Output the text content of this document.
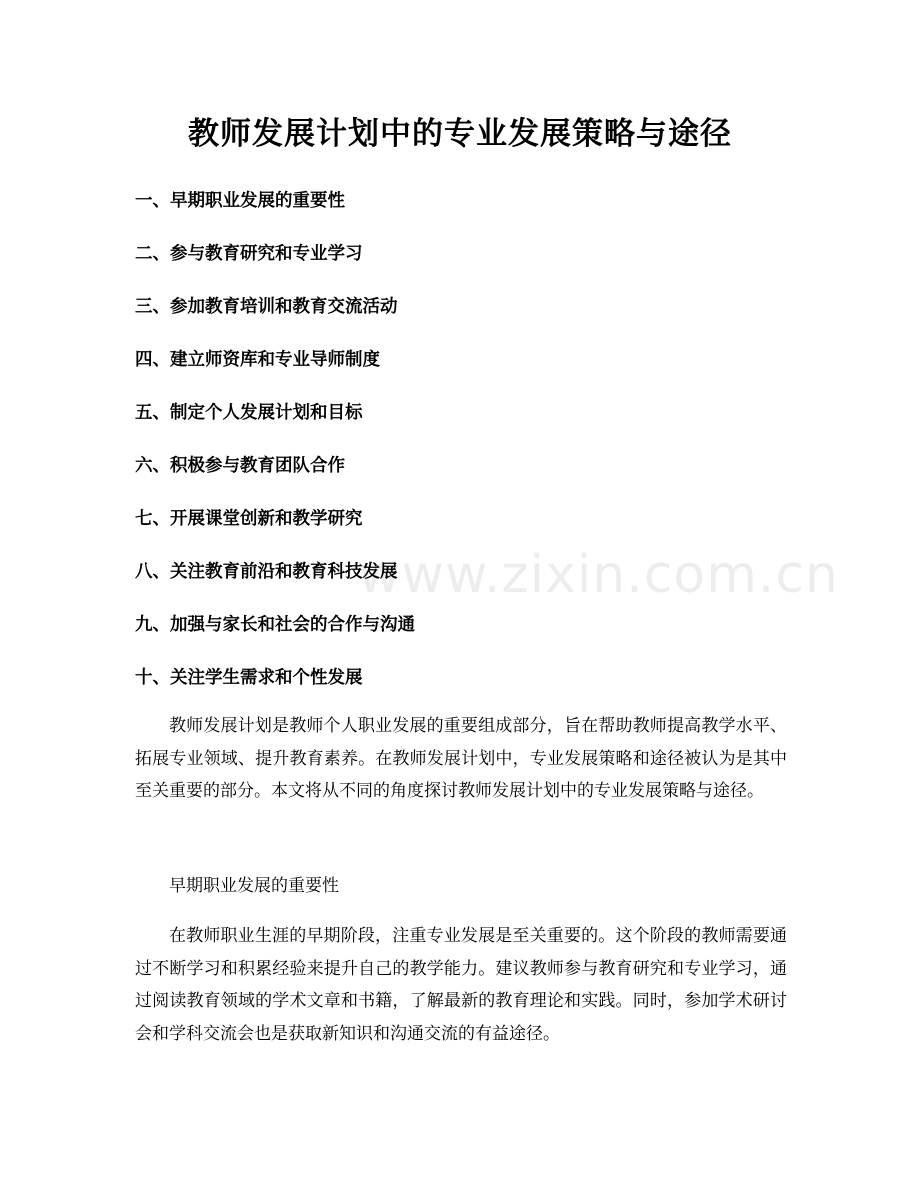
教师发展计划中的专业发展策略与途径
一、早期职业发展的重要性
二、参与教育研究和专业学习
三、参加教育培训和教育交流活动
四、建立师资库和专业导师制度
五、制定个人发展计划和目标
六、积极参与教育团队合作
七、开展课堂创新和教学研究
八、关注教育前沿和教育科技发展
九、加强与家长和社会的合作与沟通
十、关注学生需求和个性发展

教师发展计划是教师个人职业发展的重要组成部分，旨在帮助教师提高教学水平、拓展专业领域、提升教育素养。在教师发展计划中，专业发展策略和途径被认为是其中至关重要的部分。本文将从不同的角度探讨教师发展计划中的专业发展策略与途径。

早期职业发展的重要性

在教师职业生涯的早期阶段，注重专业发展是至关重要的。这个阶段的教师需要通过不断学习和积累经验来提升自己的教学能力。建议教师参与教育研究和专业学习，通过阅读教育领域的学术文章和书籍，了解最新的教育理论和实践。同时，参加学术研讨会和学科交流会也是获取新知识和沟通交流的有益途径。

www.zixin.com.cn
